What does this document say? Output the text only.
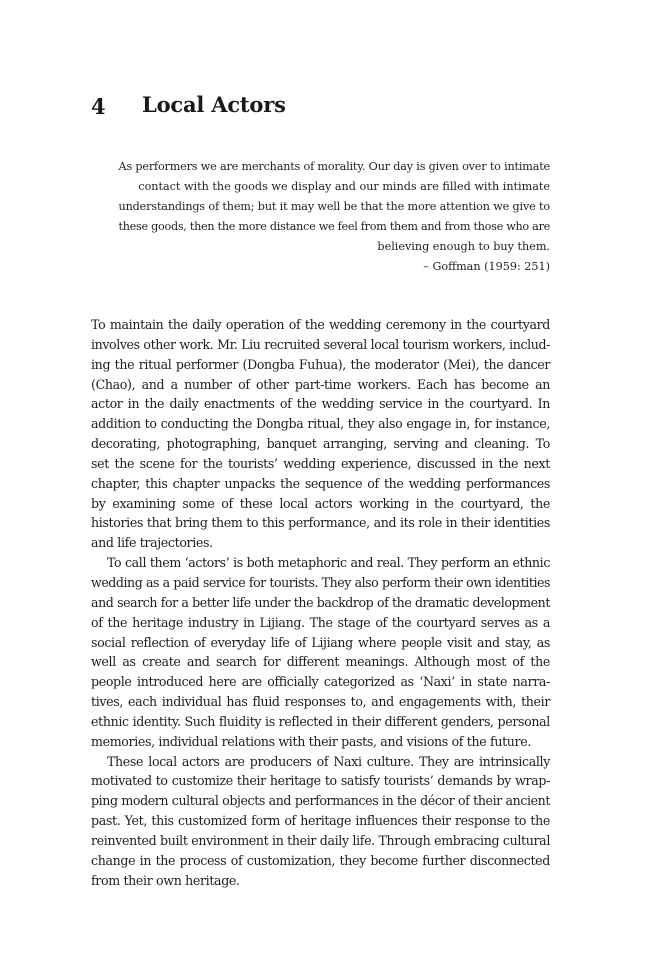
4 Local Actors
As performers we are merchants of morality. Our day is given over to intimate
contact with the goods we display and our minds are filled with intimate
understandings of them; but it may well be that the more attention we give to
these goods, then the more distance we feel from them and from those who are
believing enough to buy them.
– Goffman (1959: 251)
To maintain the daily operation of the wedding ceremony in the courtyard
involves other work. Mr. Liu recruited several local tourism workers, includ-
ing the ritual performer (Dongba Fuhua), the moderator (Mei), the dancer
(Chao), and a number of other part-time workers. Each has become an
actor in the daily enactments of the wedding service in the courtyard. In
addition to conducting the Dongba ritual, they also engage in, for instance,
decorating, photographing, banquet arranging, serving and cleaning. To
set the scene for the tourists’ wedding experience, discussed in the next
chapter, this chapter unpacks the sequence of the wedding performances
by examining some of these local actors working in the courtyard, the
histories that bring them to this performance, and its role in their identities
and life trajectories.
To call them ‘actors’ is both metaphoric and real. They perform an ethnic
wedding as a paid service for tourists. They also perform their own identities
and search for a better life under the backdrop of the dramatic development
of the heritage industry in Lijiang. The stage of the courtyard serves as a
social reflection of everyday life of Lijiang where people visit and stay, as
well as create and search for different meanings. Although most of the
people introduced here are officially categorized as ‘Naxi’ in state narra-
tives, each individual has fluid responses to, and engagements with, their
ethnic identity. Such fluidity is reflected in their different genders, personal
memories, individual relations with their pasts, and visions of the future.
These local actors are producers of Naxi culture. They are intrinsically
motivated to customize their heritage to satisfy tourists’ demands by wrap-
ping modern cultural objects and performances in the décor of their ancient
past. Yet, this customized form of heritage influences their response to the
reinvented built environment in their daily life. Through embracing cultural
change in the process of customization, they become further disconnected
from their own heritage.
